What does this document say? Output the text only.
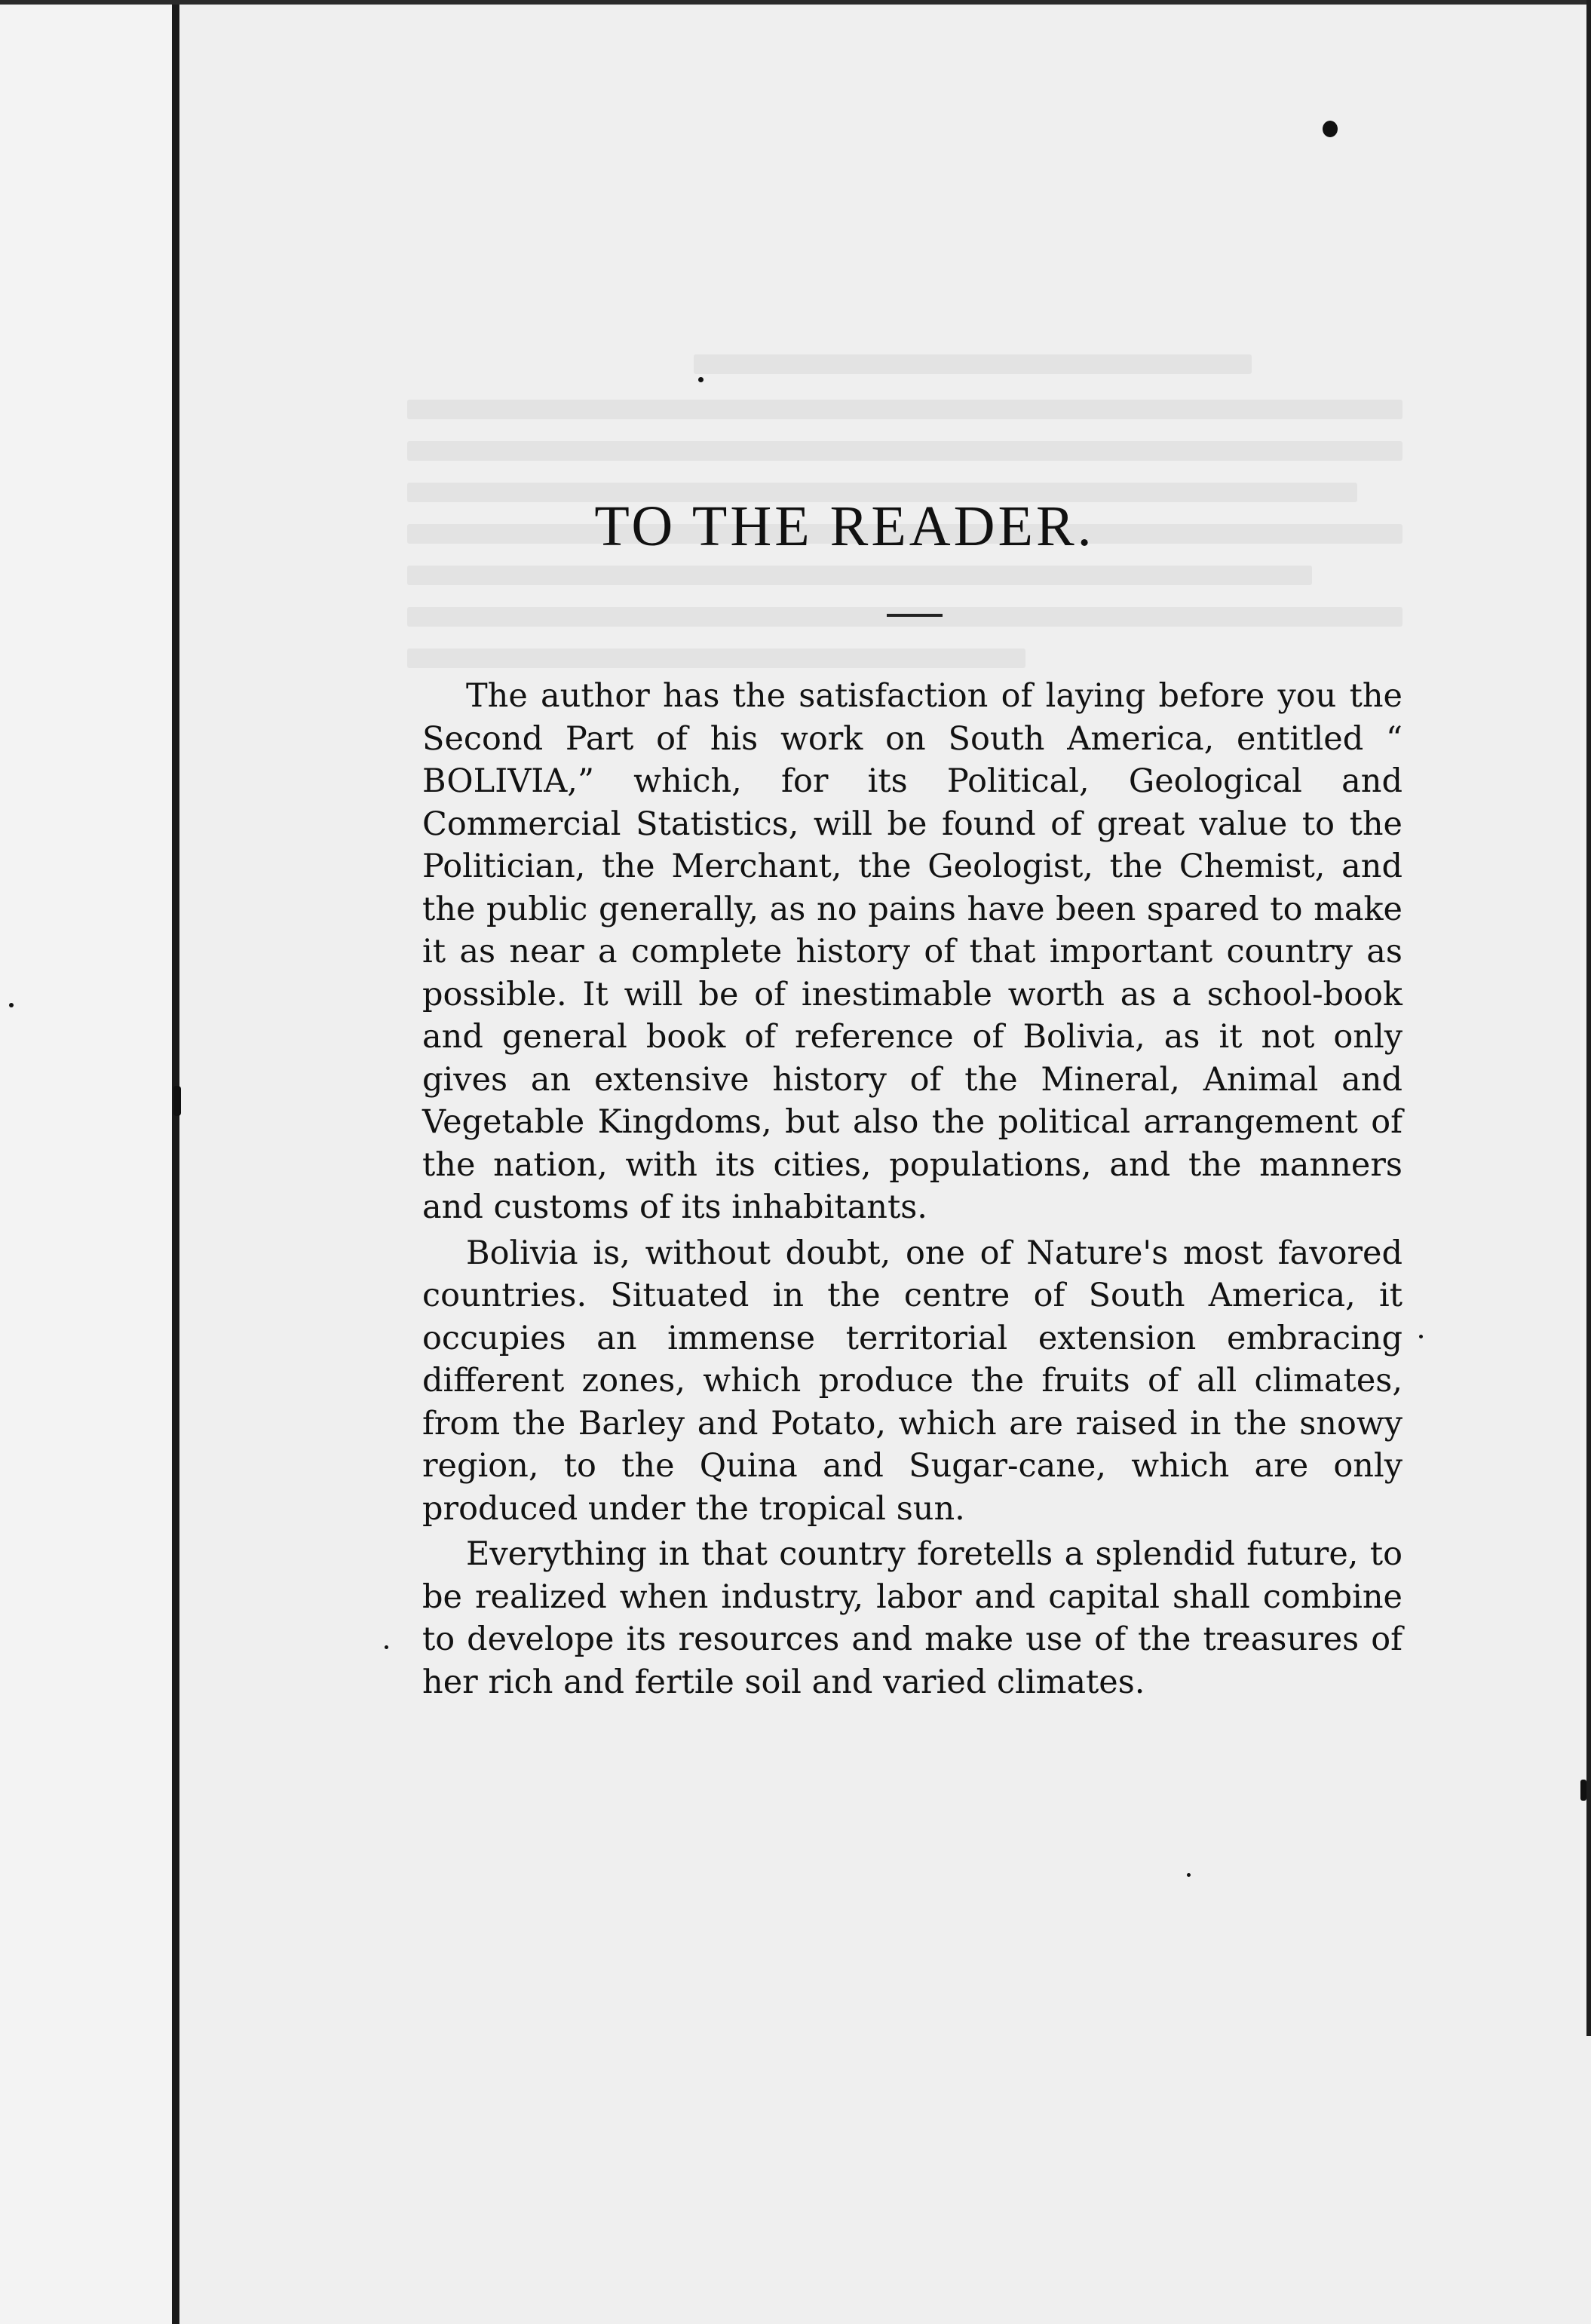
TO THE READER.

The author has the satisfaction of laying before you the Second Part of his work on South America, entitled “ BOLIVIA,” which, for its Political, Geological and Commercial Statistics, will be found of great value to the Politician, the Merchant, the Geologist, the Chemist, and the public generally, as no pains have been spared to make it as near a complete history of that important country as possible. It will be of inestimable worth as a school-book and general book of reference of Bolivia, as it not only gives an extensive history of the Mineral, Animal and Vegetable Kingdoms, but also the political arrangement of the nation, with its cities, populations, and the manners and customs of its inhabitants.

Bolivia is, without doubt, one of Nature's most favored countries. Situated in the centre of South America, it occupies an immense territorial extension embracing different zones, which produce the fruits of all climates, from the Barley and Potato, which are raised in the snowy region, to the Quina and Sugar-cane, which are only produced under the tropical sun.

Everything in that country foretells a splendid future, to be realized when industry, labor and capital shall combine to develope its resources and make use of the treasures of her rich and fertile soil and varied climates.
